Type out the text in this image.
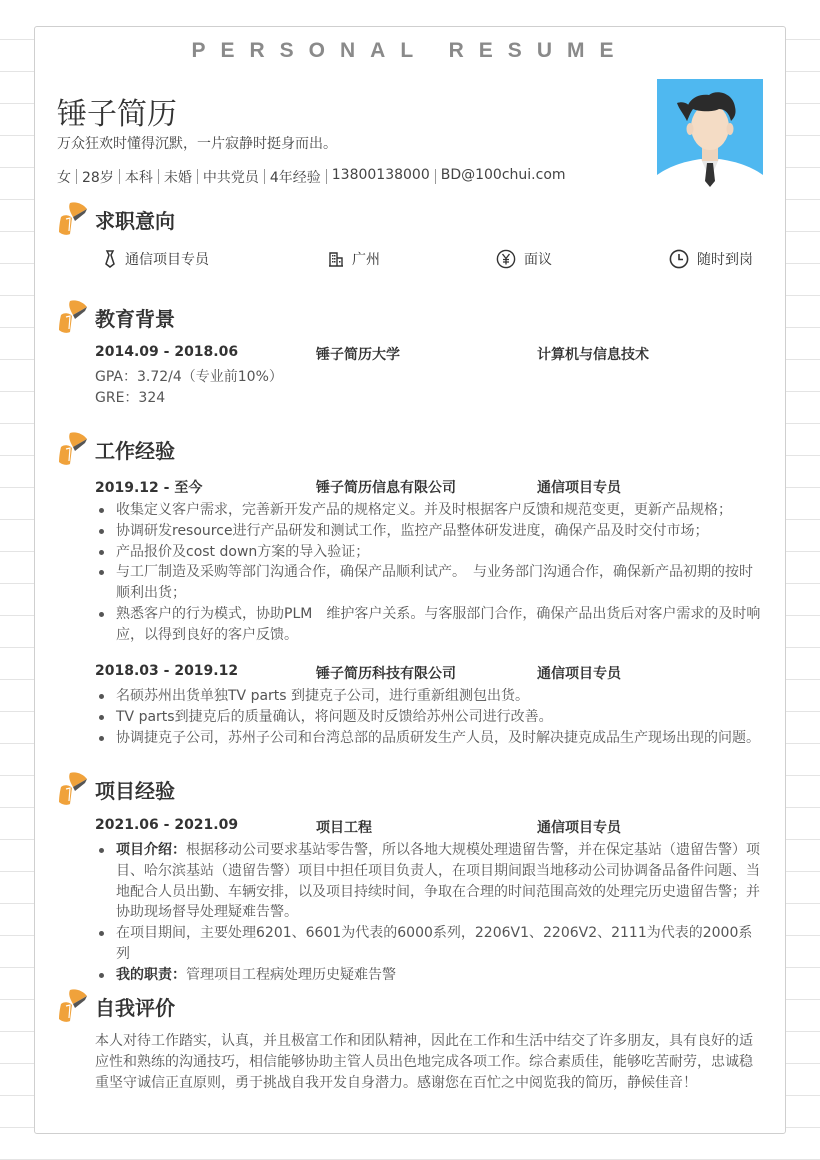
PERSONAL RESUME
锤子简历
万众狂欢时懂得沉默，一片寂静时挺身而出。
女 28岁 本科 未婚 中共党员 4年经验 13800138000 BD@100chui.com
求职意向
通信项目专员	广州	面议	随时到岗
教育背景
2014.09 - 2018.06	锤子简历大学	计算机与信息技术
GPA：3.72/4（专业前10%）
GRE：324
工作经验
2019.12 - 至今	锤子简历信息有限公司	通信项目专员
收集定义客户需求，完善新开发产品的规格定义。并及时根据客户反馈和规范变更，更新产品规格；
协调研发resource进行产品研发和测试工作，监控产品整体研发进度，确保产品及时交付市场；
产品报价及cost down方案的导入验证；
与工厂制造及采购等部门沟通合作，确保产品顺利试产。　与业务部门沟通合作，确保新产品初期的按时顺利出货；
熟悉客户的行为模式，协助PLM　维护客户关系。与客服部门合作，确保产品出货后对客户需求的及时响应，以得到良好的客户反馈。
2018.03 - 2019.12	锤子简历科技有限公司	通信项目专员
名硕苏州出货单独TV parts 到捷克子公司，进行重新组测包出货。
TV parts到捷克后的质量确认，将问题及时反馈给苏州公司进行改善。
协调捷克子公司，苏州子公司和台湾总部的品质研发生产人员，及时解决捷克成品生产现场出现的问题。
项目经验
2021.06 - 2021.09	项目工程	通信项目专员
项目介绍：根据移动公司要求基站零告警，所以各地大规模处理遗留告警，并在保定基站（遗留告警）项目、哈尔滨基站（遗留告警）项目中担任项目负责人，在项目期间跟当地移动公司协调备品备件问题、当地配合人员出勤、车辆安排，以及项目持续时间，争取在合理的时间范围高效的处理完历史遗留告警；并协助现场督导处理疑难告警。
在项目期间，主要处理6201、6601为代表的6000系列，2206V1、2206V2、2111为代表的2000系列
我的职责：管理项目工程病处理历史疑难告警
自我评价
本人对待工作踏实，认真，并且极富工作和团队精神，因此在工作和生活中结交了许多朋友，具有良好的适应性和熟练的沟通技巧，相信能够协助主管人员出色地完成各项工作。综合素质佳，能够吃苦耐劳，忠诚稳重坚守诚信正直原则，勇于挑战自我开发自身潜力。感谢您在百忙之中阅览我的简历，静候佳音！
